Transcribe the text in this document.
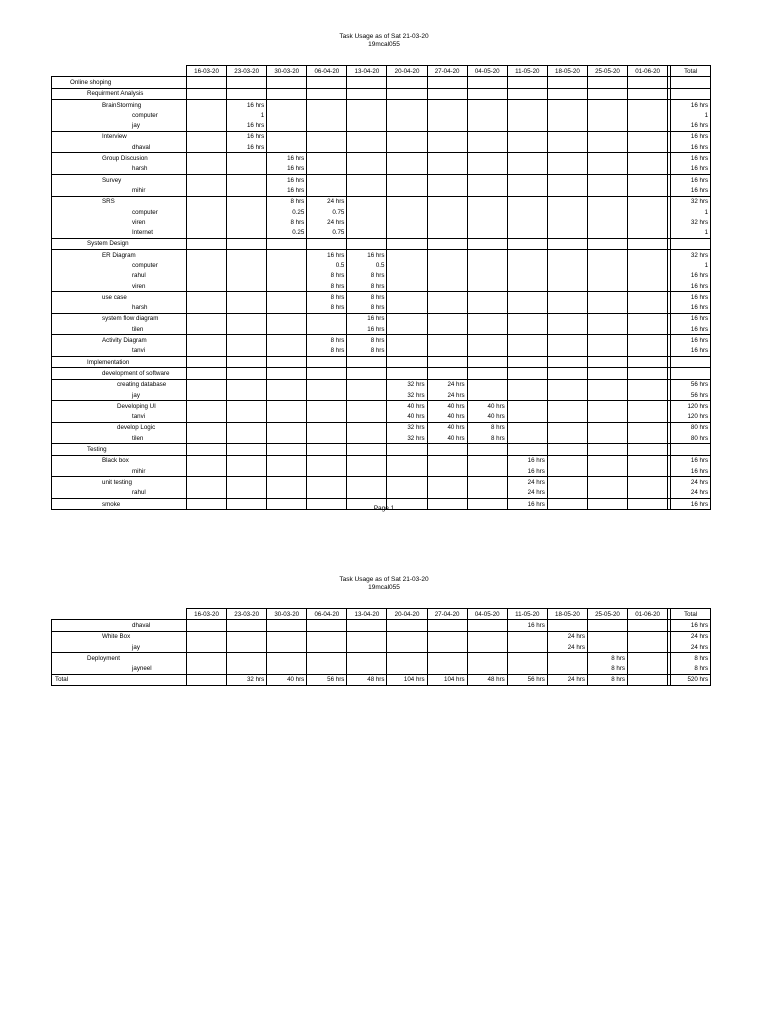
Task Usage as of Sat 21-03-20
19mcal055
	16-03-20	23-03-20	30-03-20	06-04-20	13-04-20	20-04-20	27-04-20	04-05-20	11-05-20	18-05-20	25-05-20	01-06-20		Total
Online shoping														
Requirment Analysis														
BrainStorming		16 hrs												16 hrs
computer		1												1
jay		16 hrs												16 hrs
Interview		16 hrs												16 hrs
dhaval		16 hrs												16 hrs
Group Discusion			16 hrs											16 hrs
harsh			16 hrs											16 hrs
Survey			16 hrs											16 hrs
mihir			16 hrs											16 hrs
SRS			8 hrs	24 hrs										32 hrs
computer			0.25	0.75										1
viren			8 hrs	24 hrs										32 hrs
Internet			0.25	0.75										1
System Design														
ER Diagram				16 hrs	16 hrs									32 hrs
computer				0.5	0.5									1
rahul				8 hrs	8 hrs									16 hrs
viren				8 hrs	8 hrs									16 hrs
use case				8 hrs	8 hrs									16 hrs
harsh				8 hrs	8 hrs									16 hrs
system flow diagram					16 hrs									16 hrs
tilen					16 hrs									16 hrs
Activity Diagram				8 hrs	8 hrs									16 hrs
tanvi				8 hrs	8 hrs									16 hrs
Implementation														
development of software														
creating database						32 hrs	24 hrs							56 hrs
jay						32 hrs	24 hrs							56 hrs
Developing UI						40 hrs	40 hrs	40 hrs						120 hrs
tanvi						40 hrs	40 hrs	40 hrs						120 hrs
develop Logic						32 hrs	40 hrs	8 hrs						80 hrs
tilen						32 hrs	40 hrs	8 hrs						80 hrs
Testing														
Black box									16 hrs					16 hrs
mihir									16 hrs					16 hrs
unit testing									24 hrs					24 hrs
rahul									24 hrs					24 hrs
smoke									16 hrs					16 hrs
Page 1
Task Usage as of Sat 21-03-20
19mcal055
	16-03-20	23-03-20	30-03-20	06-04-20	13-04-20	20-04-20	27-04-20	04-05-20	11-05-20	18-05-20	25-05-20	01-06-20		Total
dhaval									16 hrs					16 hrs
White Box										24 hrs				24 hrs
jay										24 hrs				24 hrs
Deployment											8 hrs			8 hrs
jayneel											8 hrs			8 hrs
Total		32 hrs	40 hrs	56 hrs	48 hrs	104 hrs	104 hrs	48 hrs	56 hrs	24 hrs	8 hrs			520 hrs
